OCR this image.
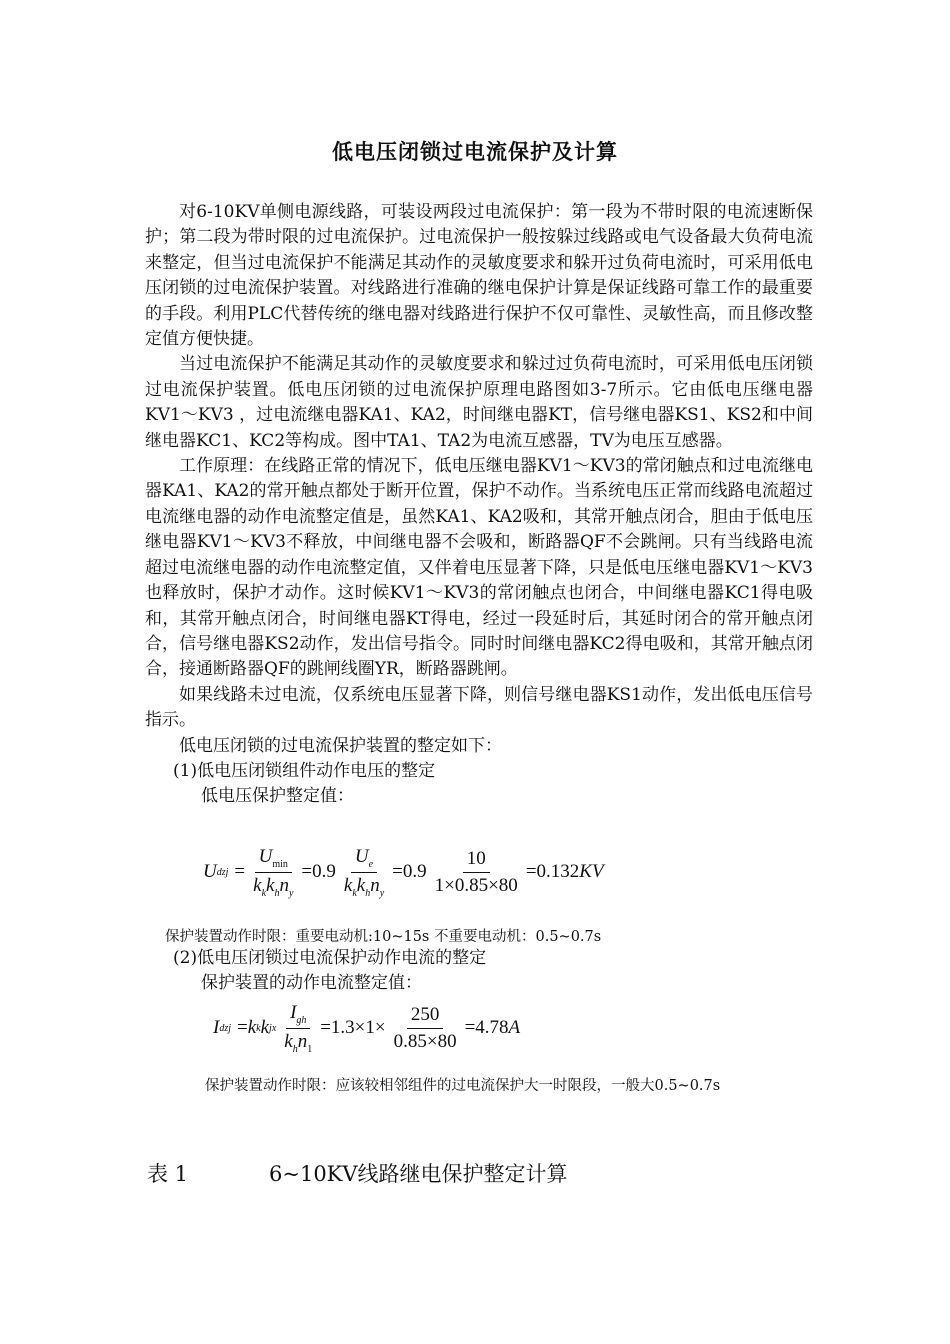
低电压闭锁过电流保护及计算

对6-10KV单侧电源线路，可装设两段过电流保护：第一段为不带时限的电流速断保护；第二段为带时限的过电流保护。过电流保护一般按躲过线路或电气设备最大负荷电流来整定，但当过电流保护不能满足其动作的灵敏度要求和躲开过负荷电流时，可采用低电压闭锁的过电流保护装置。对线路进行准确的继电保护计算是保证线路可靠工作的最重要的手段。利用PLC代替传统的继电器对线路进行保护不仅可靠性、灵敏性高，而且修改整定值方便快捷。

当过电流保护不能满足其动作的灵敏度要求和躲过过负荷电流时，可采用低电压闭锁过电流保护装置。低电压闭锁的过电流保护原理电路图如3-7所示。它由低电压继电器KV1～KV3 ，过电流继电器KA1、KA2，时间继电器KT，信号继电器KS1、KS2和中间继电器KC1、KC2等构成。图中TA1、TA2为电流互感器，TV为电压互感器。

工作原理：在线路正常的情况下，低电压继电器KV1～KV3的常闭触点和过电流继电器KA1、KA2的常开触点都处于断开位置，保护不动作。当系统电压正常而线路电流超过电流继电器的动作电流整定值是，虽然KA1、KA2吸和，其常开触点闭合，胆由于低电压继电器KV1～KV3不释放，中间继电器不会吸和，断路器QF不会跳闸。只有当线路电流超过电流继电器的动作电流整定值，又伴着电压显著下降，只是低电压继电器KV1～KV3也释放时，保护才动作。这时候KV1～KV3的常闭触点也闭合，中间继电器KC1得电吸和，其常开触点闭合，时间继电器KT得电，经过一段延时后，其延时闭合的常开触点闭合，信号继电器KS2动作，发出信号指令。同时时间继电器KC2得电吸和，其常开触点闭合，接通断路器QF的跳闸线圈YR，断路器跳闸。

如果线路未过电流，仅系统电压显著下降，则信号继电器KS1动作，发出低电压信号指示。

低电压闭锁的过电流保护装置的整定如下：

(1)低电压闭锁组件动作电压的整定

低电压保护整定值：

U dzj = $\frac{U_{min}}{k_kk_hn_y} =0.9 \frac{U_e}{k_kk_hn_y} =0.9 \frac{10}{1\times 0.85\times 80} =0.132$ KV
保护装置动作时限：重要电动机:10~15s 不重要电动机：0.5~0.7s

(2)低电压闭锁过电流保护动作电流的整定

保护装置的动作电流整定值：

I dzj = k k k jx $\frac{I_{gh}}{k_hn_1} =1.3\times 1\times \frac{250}{0.85\times 80} =4.78$ A
保护装置动作时限：应该较相邻组件的过电流保护大一时限段，一般大0.5~0.7s
表 1	6~10KV线路继电保护整定计算
